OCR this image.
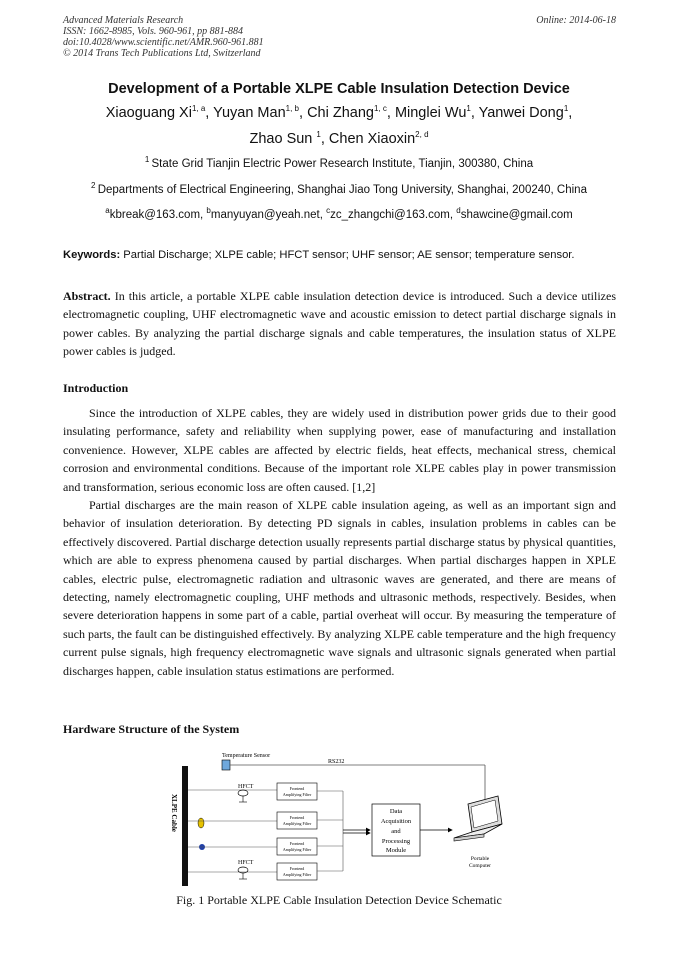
Advanced Materials Research
ISSN: 1662-8985, Vols. 960-961, pp 881-884
doi:10.4028/www.scientific.net/AMR.960-961.881
© 2014 Trans Tech Publications Ltd, Switzerland
Online: 2014-06-18
Development of a Portable XLPE Cable Insulation Detection Device
Xiaoguang Xi$^{1, a}$, Yuyan Man$^{1, b}$, Chi Zhang$^{1, c}$, Minglei Wu$^1$, Yanwei Dong$^1$,
Zhao Sun $^1$, Chen Xiaoxin$^{2, d}$
$^1$ State Grid Tianjin Electric Power Research Institute, Tianjin, 300380, China
$^2$ Departments of Electrical Engineering, Shanghai Jiao Tong University, Shanghai, 200240, China
$^a$kbreak@163.com, $^b$manyuyan@yeah.net, $^c$zc_zhangchi@163.com, $^d$shawcine@gmail.com
Keywords: Partial Discharge; XLPE cable; HFCT sensor; UHF sensor; AE sensor; temperature sensor.
Abstract. In this article, a portable XLPE cable insulation detection device is introduced. Such a device utilizes electromagnetic coupling, UHF electromagnetic wave and acoustic emission to detect partial discharge signals in power cables. By analyzing the partial discharge signals and cable temperatures, the insulation status of XLPE power cables is judged.
Introduction
Since the introduction of XLPE cables, they are widely used in distribution power grids due to their good insulating performance, safety and reliability when supplying power, ease of manufacturing and installation convenience. However, XLPE cables are affected by electric fields, heat effects, mechanical stress, chemical corrosion and environmental conditions. Because of the important role XLPE cables play in power transmission and transformation, serious economic loss are often caused. [1,2]
Partial discharges are the main reason of XLPE cable insulation ageing, as well as an important sign and behavior of insulation deterioration. By detecting PD signals in cables, insulation problems in cables can be effectively discovered. Partial discharge detection usually represents partial discharge status by physical quantities, which are able to express phenomena caused by partial discharges. When partial discharges happen in XPLE cables, electric pulse, electromagnetic radiation and ultrasonic waves are generated, and there are means of detecting, namely electromagnetic coupling, UHF methods and ultrasonic methods, respectively. Besides, when severe deterioration happens in some part of a cable, partial overheat will occur. By measuring the temperature of such parts, the fault can be distinguished effectively. By analyzing XLPE cable temperature and the high frequency current pulse signals, high frequency electromagnetic wave signals and ultrasonic signals generated when partial discharges happen, cable insulation status estimations are performed.
Hardware Structure of the System
Temperature Sensor
RS232
XLPE Cable
HFCT
HFCT
Frontend
Amplifying Filter
Frontend
Amplifying Filter
Frontend
Amplifying Filter
Frontend
Amplifying Filter
Data
Acquisition
and
Processing
Module
Portable
Computer
Fig. 1 Portable XLPE Cable Insulation Detection Device Schematic
